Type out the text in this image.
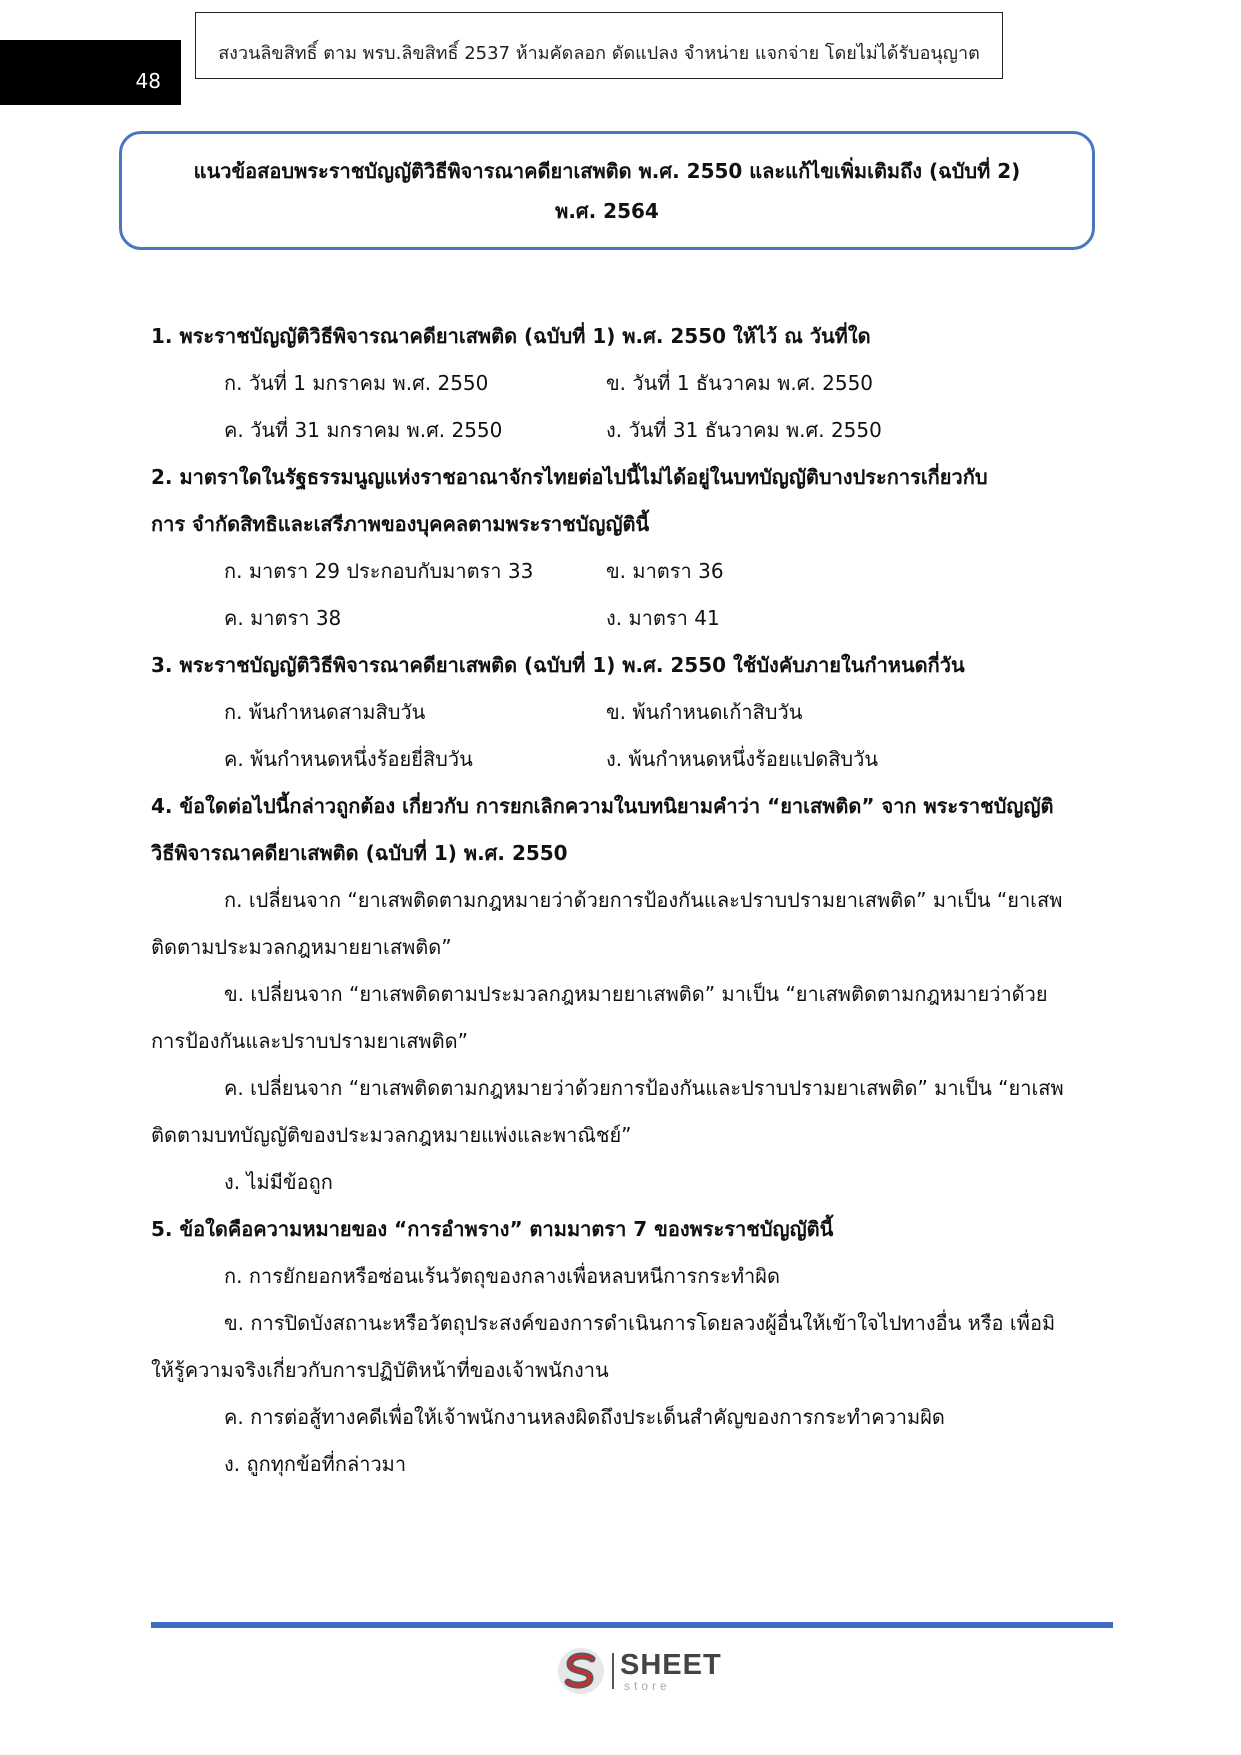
48
สงวนลิขสิทธิ์ ตาม พรบ.ลิขสิทธิ์ 2537 ห้ามคัดลอก ดัดแปลง จำหน่าย แจกจ่าย โดยไม่ได้รับอนุญาต
แนวข้อสอบพระราชบัญญัติวิธีพิจารณาคดียาเสพติด พ.ศ. 2550 และแก้ไขเพิ่มเติมถึง (ฉบับที่ 2)
พ.ศ. 2564
1. พระราชบัญญัติวิธีพิจารณาคดียาเสพติด (ฉบับที่ 1) พ.ศ. 2550 ให้ไว้ ณ วันที่ใด
ก. วันที่ 1 มกราคม พ.ศ. 2550	ข. วันที่ 1 ธันวาคม พ.ศ. 2550
ค. วันที่ 31 มกราคม พ.ศ. 2550	ง. วันที่ 31 ธันวาคม พ.ศ. 2550
2. มาตราใดในรัฐธรรมนูญแห่งราชอาณาจักรไทยต่อไปนี้ไม่ได้อยู่ในบทบัญญัติบางประการเกี่ยวกับ
การ จำกัดสิทธิและเสรีภาพของบุคคลตามพระราชบัญญัตินี้
ก. มาตรา 29 ประกอบกับมาตรา 33	ข. มาตรา 36
ค. มาตรา 38	ง. มาตรา 41
3. พระราชบัญญัติวิธีพิจารณาคดียาเสพติด (ฉบับที่ 1) พ.ศ. 2550 ใช้บังคับภายในกำหนดกี่วัน
ก. พ้นกำหนดสามสิบวัน	ข. พ้นกำหนดเก้าสิบวัน
ค. พ้นกำหนดหนึ่งร้อยยี่สิบวัน	ง. พ้นกำหนดหนึ่งร้อยแปดสิบวัน
4. ข้อใดต่อไปนี้กล่าวถูกต้อง เกี่ยวกับ การยกเลิกความในบทนิยามคำว่า “ยาเสพติด” จาก พระราชบัญญัติวิธีพิจารณาคดียาเสพติด (ฉบับที่ 1) พ.ศ. 2550
ก. เปลี่ยนจาก “ยาเสพติดตามกฎหมายว่าด้วยการป้องกันและปราบปรามยาเสพติด” มาเป็น “ยาเสพติดตามประมวลกฎหมายยาเสพติด”
ข. เปลี่ยนจาก “ยาเสพติดตามประมวลกฎหมายยาเสพติด” มาเป็น “ยาเสพติดตามกฎหมายว่าด้วยการป้องกันและปราบปรามยาเสพติด”
ค. เปลี่ยนจาก “ยาเสพติดตามกฎหมายว่าด้วยการป้องกันและปราบปรามยาเสพติด” มาเป็น “ยาเสพติดตามบทบัญญัติของประมวลกฎหมายแพ่งและพาณิชย์”
ง. ไม่มีข้อถูก
5. ข้อใดคือความหมายของ “การอำพราง” ตามมาตรา 7 ของพระราชบัญญัตินี้
ก. การยักยอกหรือซ่อนเร้นวัตถุของกลางเพื่อหลบหนีการกระทำผิด
ข. การปิดบังสถานะหรือวัตถุประสงค์ของการดำเนินการโดยลวงผู้อื่นให้เข้าใจไปทางอื่น หรือ เพื่อมิให้รู้ความจริงเกี่ยวกับการปฏิบัติหน้าที่ของเจ้าพนักงาน
ค. การต่อสู้ทางคดีเพื่อให้เจ้าพนักงานหลงผิดถึงประเด็นสำคัญของการกระทำความผิด
ง. ถูกทุกข้อที่กล่าวมา
SHEET
store
